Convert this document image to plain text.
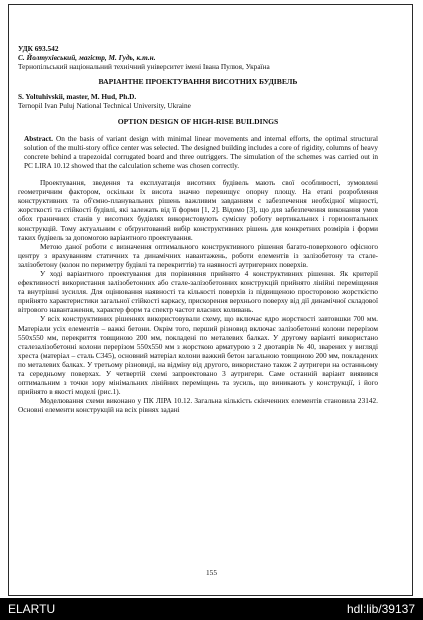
УДК 693.542

С. Йолтухівський, магістр, М. Гудь, к.т.н.

Тернопільський національний технічний університет імені Івана Пулюя, Україна

ВАРІАНТНЕ ПРОЕКТУВАННЯ ВИСОТНИХ БУДІВЕЛЬ

S. Yoltuhivskii, master, M. Hud, Ph.D.

Ternopil Ivan Puluj National Technical University, Ukraine

OPTION DESIGN OF HIGH-RISE BUILDINGS

Abstract. On the basis of variant design with minimal linear movements and internal efforts, the optimal structural solution of the multi-story office center was selected. The designed building includes a core of rigidity, columns of heavy concrete behind a trapezoidal corrugated board and three outriggers. The simulation of the schemes was carried out in PC LIRA 10.12 showed that the calculation scheme was chosen correctly.

Проектування, зведення та експлуатація висотних будівель мають свої особливості, зумовлені геометричним фактором, оскільки їх висота значно перевищує опорну площу. На етапі розроблення конструктивних та об'ємно-планувальних рішень важливим завданням є забезпечення необхідної міцності, жорсткості та стійкості будівлі, які залежать від її форми [1, 2]. Відомо [3], що для забезпечення виконання умов обох граничних станів у висотних будівлях використовують сумісну роботу вертикальних і горизонтальних конструкцій. Тому актуальним є обґрунтований вибір конструктивних рішень для конкретних розмірів і форми таких будівель за допомогою варіантного проектування.

Метою даної роботи є визначення оптимального конструктивного рішення багато-поверхового офісного центру з врахуванням статичних та динамічних навантажень, роботи елементів із залізобетону та стале-залізобетону (колон по периметру будівлі та перекриттів) та наявності аутригерних поверхів.

У ході варіантного проектування для порівняння прийнято 4 конструктивних рішення. Як критерії ефективності використання залізобетонних або стале-залізобетонних конструкцій прийнято лінійні переміщення та внутрішні зусилля. Для оцінювання наявності та кількості поверхів із підвищеною просторовою жорсткістю прийнято характеристики загальної стійкості каркасу, прискорення верхнього поверху від дії динамічної складової вітрового навантаження, характер форм та спектр частот власних коливань.

У всіх конструктивних рішеннях використовували схему, що включає ядро жорсткості завтовшки 700 мм. Матеріали усіх елементів – важкі бетони. Окрім того, перший різновид включає залізобетонні колони перерізом 550х550 мм, перекриття товщиною 200 мм, покладені по металевих балках. У другому варіанті використано сталезалізобетонні колони перерізом 550х550 мм з жорсткою арматурою з 2 двотаврів № 40, зварених у вигляді хреста (матеріал – сталь С345), основний матеріал колони важкий бетон загальною товщиною 200 мм, покладених по металевих балках. У третьому різновиді, на відміну від другого, використано також 2 аутригери на останньому та середньому поверхах. У четвертій схемі запроектовано 3 аутригери. Саме останній варіант виявився оптимальним з точки зору мінімальних лінійних переміщень та зусиль, що виникають у конструкції, і його прийнято в якості моделі (рис.1).

Моделювання схеми виконано у ПК ЛІРА 10.12. Загальна кількість скінченних елементів становила 23142. Основні елементи конструкцій на всіх рівнях задані

155
ELARTU	hdl:lib/39137
